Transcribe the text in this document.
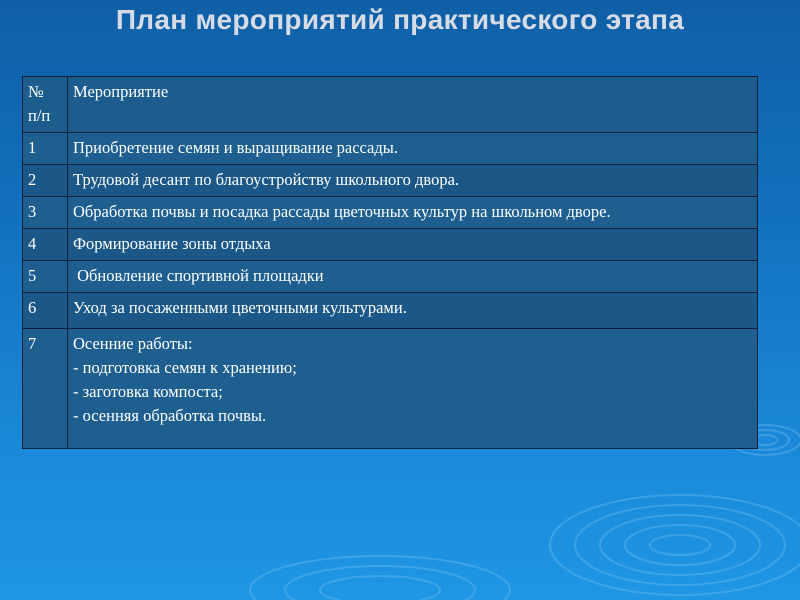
План мероприятий практического этапа
№
п/п	Мероприятие
1	Приобретение семян и выращивание рассады.
2	Трудовой десант по благоустройству школьного двора.
3	Обработка почвы и посадка рассады цветочных культур на школьном дворе.
4	Формирование зоны отдыха
5	Обновление спортивной площадки
6	Уход за посаженными цветочными культурами.
7	Осенние работы:
- подготовка семян к хранению;
- заготовка компоста;
- осенняя обработка почвы.
